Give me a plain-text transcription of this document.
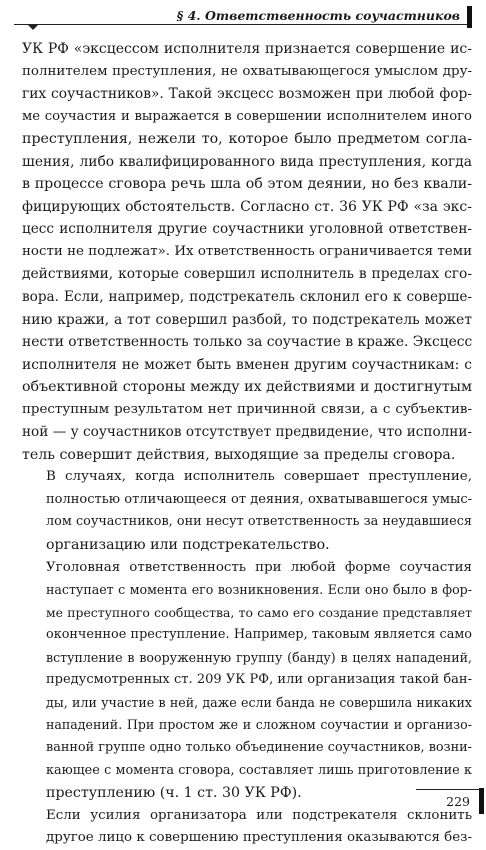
§ 4. Ответственность соучастников

УК РФ «эксцессом исполнителя признается совершение ис-
полнителем преступления, не охватывающегося умыслом дру-
гих соучастников». Такой эксцесс возможен при любой фор-
ме соучастия и выражается в совершении исполнителем иного
преступления, нежели то, которое было предметом согла-
шения, либо квалифицированного вида преступления, когда
в процессе сговора речь шла об этом деянии, но без квали-
фицирующих обстоятельств. Согласно ст. 36 УК РФ «за экс-
цесс исполнителя другие соучастники уголовной ответствен-
ности не подлежат». Их ответственность ограничивается теми
действиями, которые совершил исполнитель в пределах сго-
вора. Если, например, подстрекатель склонил его к соверше-
нию кражи, а тот совершил разбой, то подстрекатель может
нести ответственность только за соучастие в краже. Эксцесс
исполнителя не может быть вменен другим соучастникам: с
объективной стороны между их действиями и достигнутым
преступным результатом нет причинной связи, а с субъектив-
ной — у соучастников отсутствует предвидение, что исполни-
тель совершит действия, выходящие за пределы сговора.

В случаях, когда исполнитель совершает преступление,
полностью отличающееся от деяния, охватывавшегося умыс-
лом соучастников, они несут ответственность за неудавшиеся
организацию или подстрекательство.

Уголовная ответственность при любой форме соучастия
наступает с момента его возникновения. Если оно было в фор-
ме преступного сообщества, то само его создание представляет
оконченное преступление. Например, таковым является само
вступление в вооруженную группу (банду) в целях нападений,
предусмотренных ст. 209 УК РФ, или организация такой бан-
ды, или участие в ней, даже если банда не совершила никаких
нападений. При простом же и сложном соучастии и организо-
ванной группе одно только объединение соучастников, возни-
кающее с момента сговора, составляет лишь приготовление к
преступлению (ч. 1 ст. 30 УК РФ).

Если усилия организатора или подстрекателя склонить
другое лицо к совершению преступления оказываются без-

229
